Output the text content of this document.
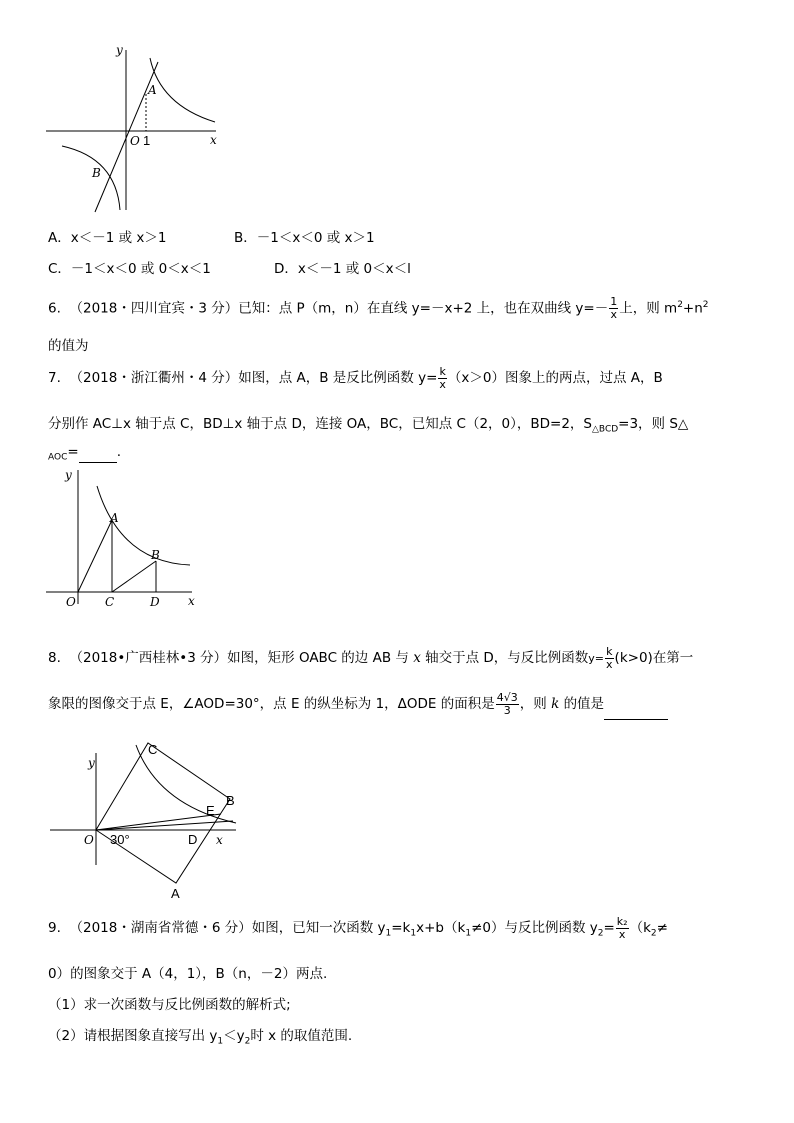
y
x
O 1
A
B
A．x＜－1 或 x＞1	B．－1＜x＜0 或 x＞1
C．－1＜x＜0 或 0＜x＜1	D．x＜－1 或 0＜x＜l
6. （2018・四川宜宾・3 分）已知：点 P（m，n）在直线 y=－x+2 上，也在双曲线 $y=- \frac{1}{x}$ 上，则 $m^2+n^2$
的值为
7. （2018・浙江衢州・4 分）如图，点 A，B 是反比例函数 $y= \frac{k}{x} (x>0)$图象上的两点，过点 A，B
分别作 AC⊥x 轴于点 C，BD⊥x 轴于点 D，连接 OA，BC，已知点 C（2，0），BD=2，$S_{\triangle BCD}=3$，则 S△
$_{AOC}$=	.
y
x
O
A
B
C	D
8. （2018•广西桂林•3 分）如图，矩形 OABC 的边 AB 与 x 轴交于点 D，与反比例函数$y= \frac{k}{x} (k>0)$在第一
象限的图像交于点 E，∠AOD=30°，点 E 的纵坐标为 1，ΔODE 的面积是 $\frac{4√3}{3}$ ，则 k 的值是
y
x
O
A
B
C
D
E
30°
9. （2018・湖南省常德・6 分）如图，已知一次函数 $y_1=k_1x+b(k_1\ne 0)$与反比例函数 $y_2= \frac{\text{k₂}}{x} (k_2\ne$
0）的图象交于 A（4，1），B（n，－2）两点.
（1）求一次函数与反比例函数的解析式;
（2）请根据图象直接写出 $y_1<y_2$时 x 的取值范围.
